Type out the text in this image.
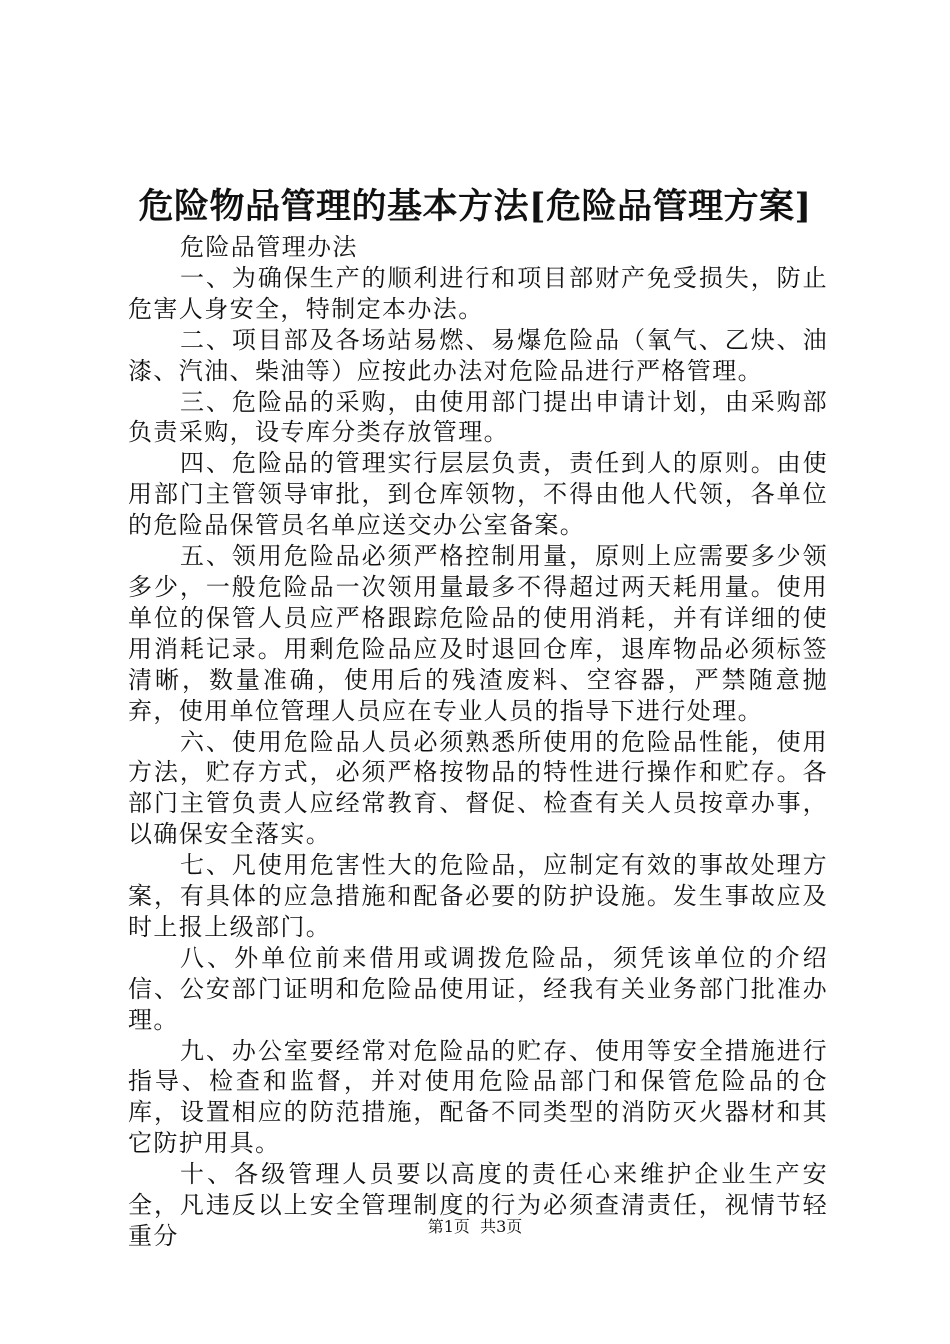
危险物品管理的基本方法[危险品管理方案]

危险品管理办法

一、为确保生产的顺利进行和项目部财产免受损失，防止危害人身安全，特制定本办法。

二、项目部及各场站易燃、易爆危险品（氧气、乙炔、油漆、汽油、柴油等）应按此办法对危险品进行严格管理。

三、危险品的采购，由使用部门提出申请计划，由采购部负责采购，设专库分类存放管理。

四、危险品的管理实行层层负责，责任到人的原则。由使用部门主管领导审批，到仓库领物，不得由他人代领，各单位的危险品保管员名单应送交办公室备案。

五、领用危险品必须严格控制用量，原则上应需要多少领多少，一般危险品一次领用量最多不得超过两天耗用量。使用单位的保管人员应严格跟踪危险品的使用消耗，并有详细的使用消耗记录。用剩危险品应及时退回仓库，退库物品必须标签清晰，数量准确，使用后的残渣废料、空容器，严禁随意抛弃，使用单位管理人员应在专业人员的指导下进行处理。

六、使用危险品人员必须熟悉所使用的危险品性能，使用方法，贮存方式，必须严格按物品的特性进行操作和贮存。各部门主管负责人应经常教育、督促、检查有关人员按章办事，以确保安全落实。

七、凡使用危害性大的危险品，应制定有效的事故处理方案，有具体的应急措施和配备必要的防护设施。发生事故应及时上报上级部门。

八、外单位前来借用或调拨危险品，须凭该单位的介绍信、公安部门证明和危险品使用证，经我有关业务部门批准办理。

九、办公室要经常对危险品的贮存、使用等安全措施进行指导、检查和监督，并对使用危险品部门和保管危险品的仓库，设置相应的防范措施，配备不同类型的消防灭火器材和其它防护用具。

十、各级管理人员要以高度的责任心来维护企业生产安全，凡违反以上安全管理制度的行为必须查清责任，视情节轻重分	第1页  共3页
